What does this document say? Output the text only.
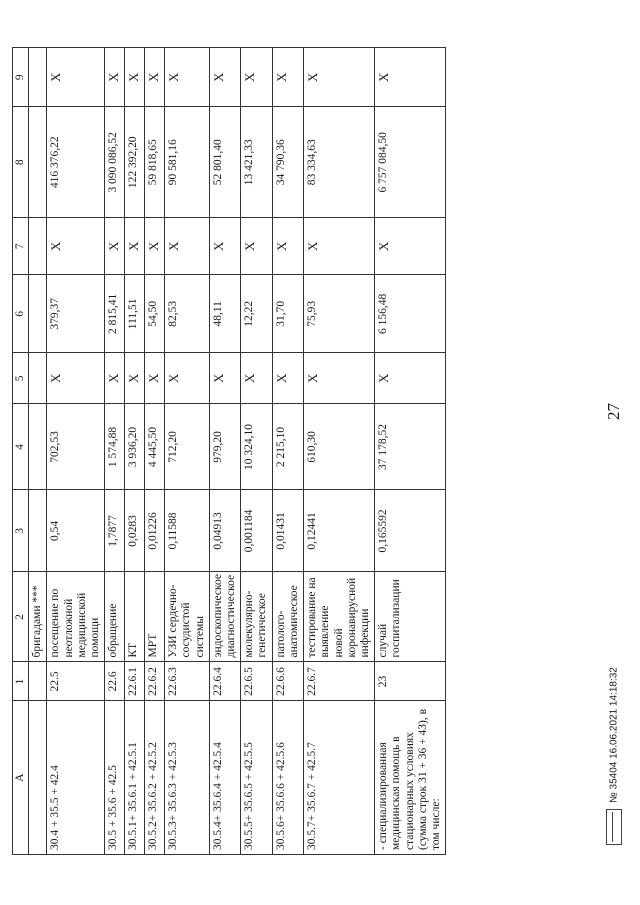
27
A	1	2	3	4	5	6	7	8	9
		бригадами ***							
30.4 + 35.5 + 42.4	22.5	посещение по неотложной медицинской помощи	0,54	702,53	X	379,37	X	416 376,22	X
30.5 + 35.6 + 42.5	22.6	обращение	1,7877	1 574,88	X	2 815,41	X	3 090 086,52	X
30.5.1+ 35.6.1 + 42.5.1	22.6.1	КТ	0,0283	3 936,20	X	111,51	X	122 392,20	X
30.5.2+ 35.6.2 + 42.5.2	22.6.2	МРТ	0,01226	4 445,50	X	54,50	X	59 818,65	X
30.5.3+ 35.6.3 + 42.5.3	22.6.3	УЗИ сердечно-сосудистой системы	0,11588	712,20	X	82,53	X	90 581,16	X
30.5.4+ 35.6.4 + 42.5.4	22.6.4	эндоскопическое диагностическое	0,04913	979,20	X	48,11	X	52 801,40	X
30.5.5+ 35.6.5 + 42.5.5	22.6.5	молекулярно-генетическое	0,001184	10 324,10	X	12,22	X	13 421,33	X
30.5.6+ 35.6.6 + 42.5.6	22.6.6	патолого-анатомическое	0,01431	2 215,10	X	31,70	X	34 790,36	X
30.5.7+ 35.6.7 + 42.5.7	22.6.7	тестирование на выявление новой коронавирусной инфекции	0,12441	610,30	X	75,93	X	83 334,63	X
- специализированная медицинская помощь в стационарных условиях (сумма строк 31 + 36 + 43), в том числе:	23	случай госпитализации	0,165592	37 178,52	X	6 156,48	X	6 757 084,50	X
№ 35404 16.06.2021 14:18:32
